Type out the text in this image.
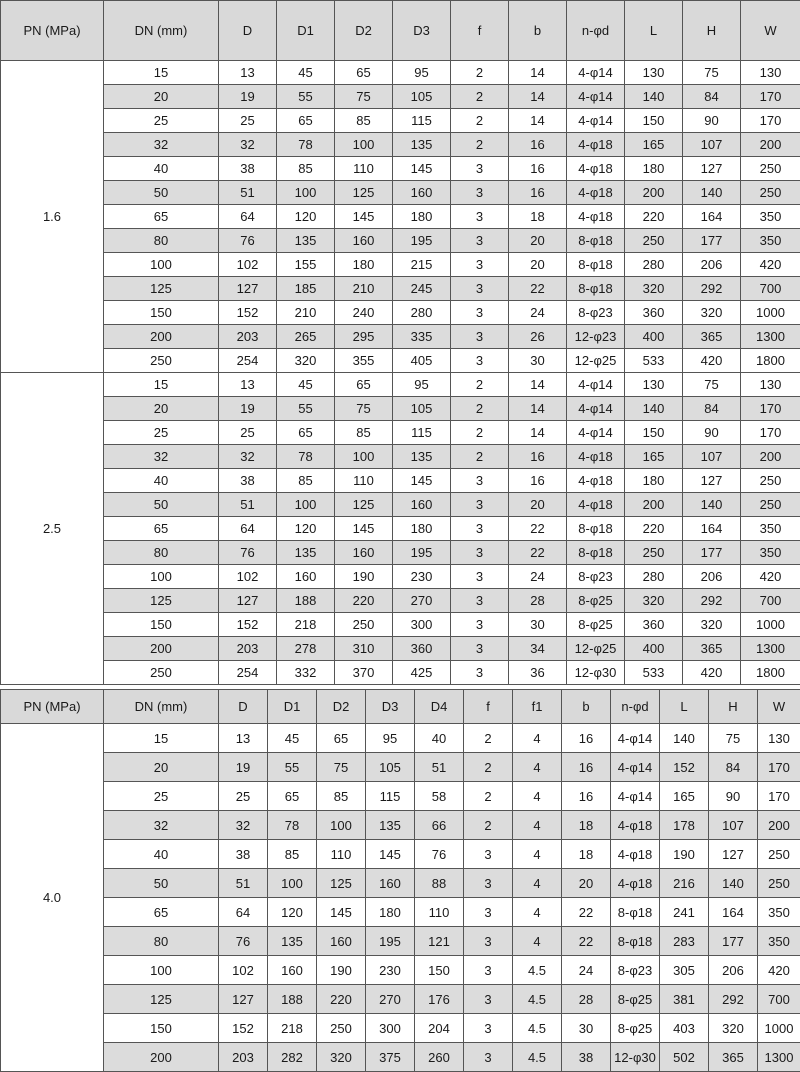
PN (MPa)	DN (mm)	D	D1	D2	D3	f	b	n-φd	L	H	W
1.6	15	13	45	65	95	2	14	4-φ14	130	75	130
	20	19	55	75	105	2	14	4-φ14	140	84	170
	25	25	65	85	115	2	14	4-φ14	150	90	170
	32	32	78	100	135	2	16	4-φ18	165	107	200
	40	38	85	110	145	3	16	4-φ18	180	127	250
	50	51	100	125	160	3	16	4-φ18	200	140	250
	65	64	120	145	180	3	18	4-φ18	220	164	350
	80	76	135	160	195	3	20	8-φ18	250	177	350
	100	102	155	180	215	3	20	8-φ18	280	206	420
	125	127	185	210	245	3	22	8-φ18	320	292	700
	150	152	210	240	280	3	24	8-φ23	360	320	1000
	200	203	265	295	335	3	26	12-φ23	400	365	1300
	250	254	320	355	405	3	30	12-φ25	533	420	1800
2.5	15	13	45	65	95	2	14	4-φ14	130	75	130
	20	19	55	75	105	2	14	4-φ14	140	84	170
	25	25	65	85	115	2	14	4-φ14	150	90	170
	32	32	78	100	135	2	16	4-φ18	165	107	200
	40	38	85	110	145	3	16	4-φ18	180	127	250
	50	51	100	125	160	3	20	4-φ18	200	140	250
	65	64	120	145	180	3	22	8-φ18	220	164	350
	80	76	135	160	195	3	22	8-φ18	250	177	350
	100	102	160	190	230	3	24	8-φ23	280	206	420
	125	127	188	220	270	3	28	8-φ25	320	292	700
	150	152	218	250	300	3	30	8-φ25	360	320	1000
	200	203	278	310	360	3	34	12-φ25	400	365	1300
	250	254	332	370	425	3	36	12-φ30	533	420	1800
PN (MPa)	DN (mm)	D	D1	D2	D3	D4	f	f1	b	n-φd	L	H	W
4.0	15	13	45	65	95	40	2	4	16	4-φ14	140	75	130
	20	19	55	75	105	51	2	4	16	4-φ14	152	84	170
	25	25	65	85	115	58	2	4	16	4-φ14	165	90	170
	32	32	78	100	135	66	2	4	18	4-φ18	178	107	200
	40	38	85	110	145	76	3	4	18	4-φ18	190	127	250
	50	51	100	125	160	88	3	4	20	4-φ18	216	140	250
	65	64	120	145	180	110	3	4	22	8-φ18	241	164	350
	80	76	135	160	195	121	3	4	22	8-φ18	283	177	350
	100	102	160	190	230	150	3	4.5	24	8-φ23	305	206	420
	125	127	188	220	270	176	3	4.5	28	8-φ25	381	292	700
	150	152	218	250	300	204	3	4.5	30	8-φ25	403	320	1000
	200	203	282	320	375	260	3	4.5	38	12-φ30	502	365	1300
